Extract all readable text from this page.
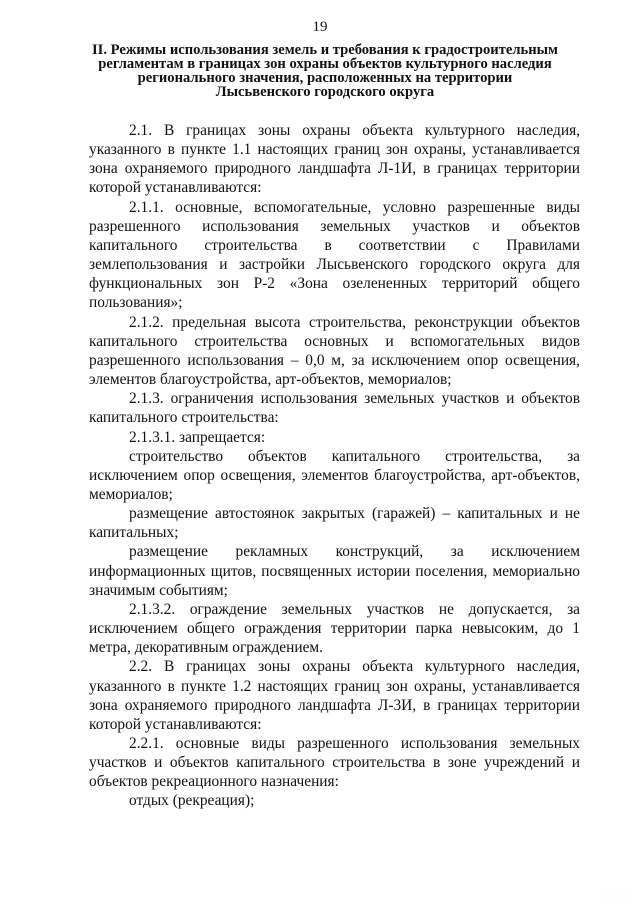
19
II. Режимы использования земель и требования к градостроительным
регламентам в границах зон охраны объектов культурного наследия
регионального значения, расположенных на территории
Лысьвенского городского округа

2.1. В границах зоны охраны объекта культурного наследия, указанного в пункте 1.1 настоящих границ зон охраны, устанавливается зона охраняемого природного ландшафта Л-1И, в границах территории которой устанавливаются:

2.1.1. основные, вспомогательные, условно разрешенные виды разрешенного использования земельных участков и объектов капитального строительства в соответствии с Правилами землепользования и застройки Лысьвенского городского округа для функциональных зон Р-2 «Зона озелененных территорий общего пользования»;

2.1.2. предельная высота строительства, реконструкции объектов капитального строительства основных и вспомогательных видов разрешенного использования – 0,0 м, за исключением опор освещения, элементов благоустройства, арт-объектов, мемориалов;

2.1.3. ограничения использования земельных участков и объектов капитального строительства:

2.1.3.1. запрещается:

строительство объектов капитального строительства, за исключением опор освещения, элементов благоустройства, арт-объектов, мемориалов;

размещение автостоянок закрытых (гаражей) – капитальных и не капитальных;

размещение рекламных конструкций, за исключением информационных щитов, посвященных истории поселения, мемориально значимым событиям;

2.1.3.2. ограждение земельных участков не допускается, за исключением общего ограждения территории парка невысоким, до 1 метра, декоративным ограждением.

2.2. В границах зоны охраны объекта культурного наследия, указанного в пункте 1.2 настоящих границ зон охраны, устанавливается зона охраняемого природного ландшафта Л-3И, в границах территории которой устанавливаются:

2.2.1. основные виды разрешенного использования земельных участков и объектов капитального строительства в зоне учреждений и объектов рекреационного назначения:

отдых (рекреация);

· · · ·
